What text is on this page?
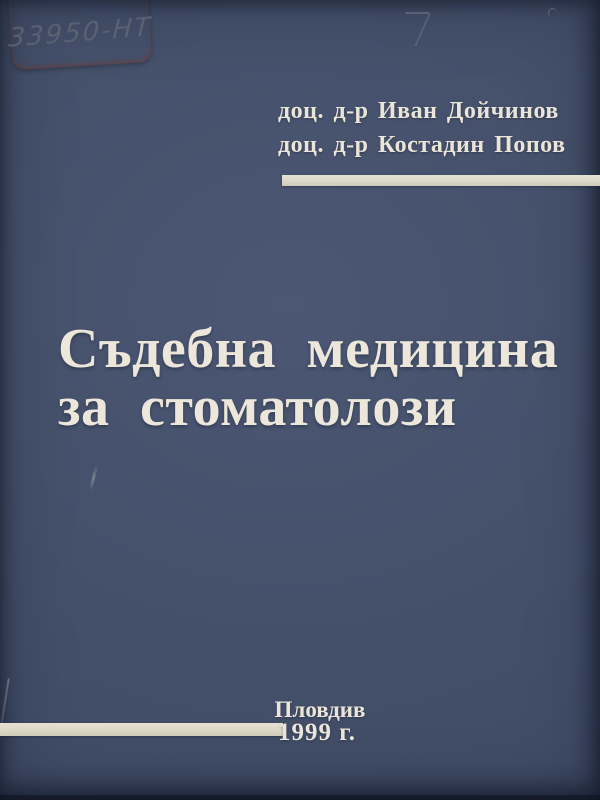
33950-НТ
доц. д-р Иван Дойчинов
доц. д-р Костадин Попов
Съдебна медицина
за стоматолози
Пловдив
1999 г.
